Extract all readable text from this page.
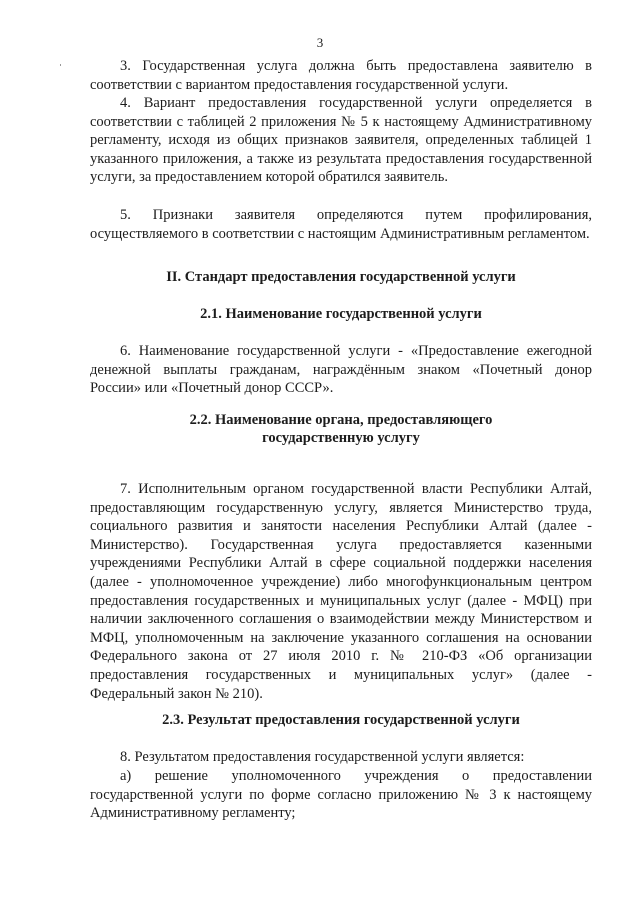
3

3. Государственная услуга должна быть предоставлена заявителю в соответствии с вариантом предоставления государственной услуги.

4. Вариант предоставления государственной услуги определяется в соответствии с таблицей 2 приложения № 5 к настоящему Административному регламенту, исходя из общих признаков заявителя, определенных таблицей 1 указанного приложения, а также из результата предоставления государственной услуги, за предоставлением которой обратился заявитель.

5. Признаки заявителя определяются путем профилирования, осуществляемого в соответствии с настоящим Административным регламентом.

II. Стандарт предоставления государственной услуги
2.1. Наименование государственной услуги

6. Наименование государственной услуги - «Предоставление ежегодной денежной выплаты гражданам, награждённым знаком «Почетный донор России» или «Почетный донор СССР».

2.2. Наименование органа, предоставляющего
государственную услугу

7. Исполнительным органом государственной власти Республики Алтай, предоставляющим государственную услугу, является Министерство труда, социального развития и занятости населения Республики Алтай (далее - Министерство). Государственная услуга предоставляется казенными учреждениями Республики Алтай в сфере социальной поддержки населения (далее - уполномоченное учреждение) либо многофункциональным центром предоставления государственных и муниципальных услуг (далее - МФЦ) при наличии заключенного соглашения о взаимодействии между Министерством и МФЦ, уполномоченным на заключение указанного соглашения на основании Федерального закона от 27 июля 2010 г. № 210-ФЗ «Об организации предоставления государственных и муниципальных услуг» (далее - Федеральный закон № 210).

2.3. Результат предоставления государственной услуги

8. Результатом предоставления государственной услуги является:

а) решение уполномоченного учреждения о предоставлении государственной услуги по форме согласно приложению № 3 к настоящему Административному регламенту;
